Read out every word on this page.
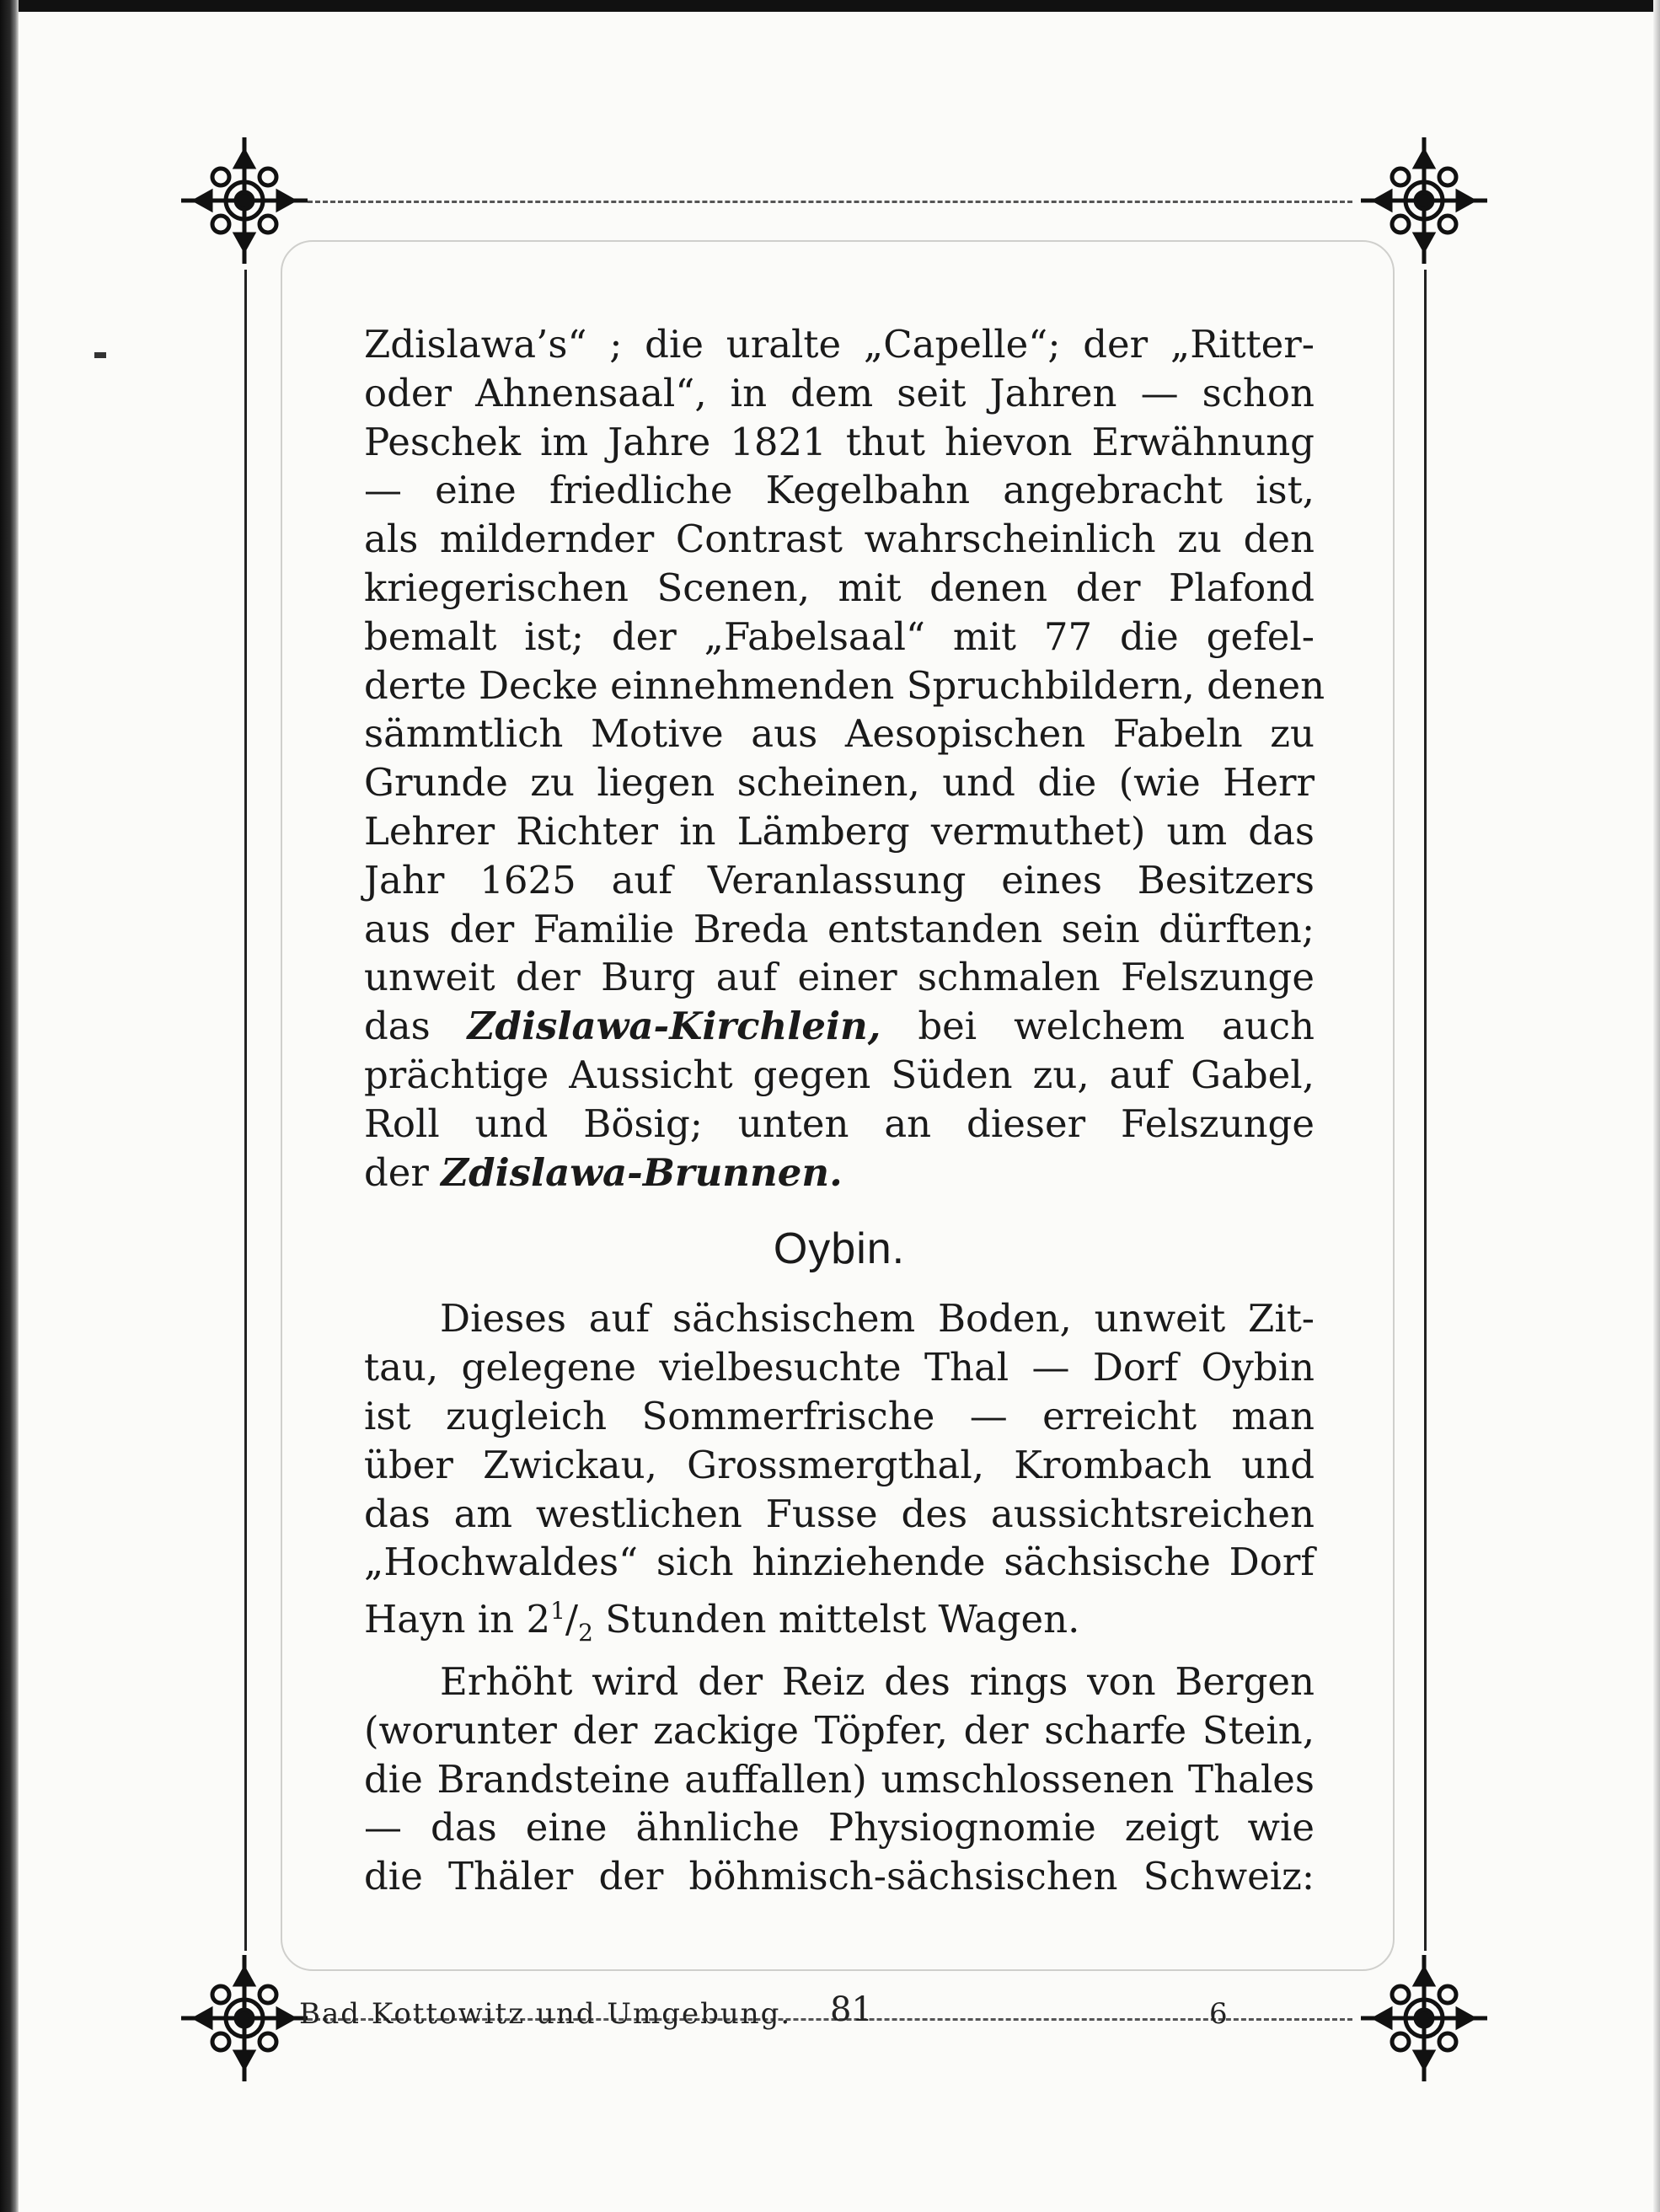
Zdislawa’s“ ; die uralte „Capelle“; der „Ritter-
oder Ahnensaal“, in dem seit Jahren — schon
Peschek im Jahre 1821 thut hievon Erwähnung
— eine friedliche Kegelbahn angebracht ist,
als mildernder Contrast wahrscheinlich zu den
kriegerischen Scenen, mit denen der Plafond
bemalt ist; der „Fabelsaal“ mit 77 die gefel-
derte Decke einnehmenden Spruchbildern, denen
sämmtlich Motive aus Aesopischen Fabeln zu
Grunde zu liegen scheinen, und die (wie Herr
Lehrer Richter in Lämberg vermuthet) um das
Jahr 1625 auf Veranlassung eines Besitzers
aus der Familie Breda entstanden sein dürften;
unweit der Burg auf einer schmalen Felszunge
das Zdislawa-Kirchlein, bei welchem auch
prächtige Aussicht gegen Süden zu, auf Gabel,
Roll und Bösig; unten an dieser Felszunge
der Zdislawa-Brunnen.

Oybin.

Dieses auf sächsischem Boden, unweit Zit-
tau, gelegene vielbesuchte Thal — Dorf Oybin
ist zugleich Sommerfrische — erreicht man
über Zwickau, Grossmergthal, Krombach und
das am westlichen Fusse des aussichtsreichen
„Hochwaldes“ sich hinziehende sächsische Dorf
Hayn in $2^1/_2$ Stunden mittelst Wagen.

Erhöht wird der Reiz des rings von Bergen
(worunter der zackige Töpfer, der scharfe Stein,
die Brandsteine auffallen) umschlossenen Thales
— das eine ähnliche Physiognomie zeigt wie
die Thäler der böhmisch-sächsischen Schweiz:

Bad Kottowitz und Umgebung. 81	6
